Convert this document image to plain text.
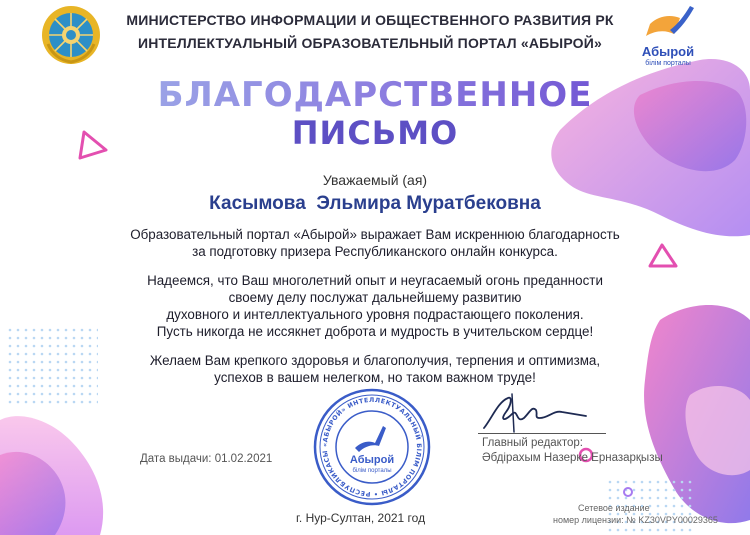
БЛАГОДАРСТВЕННОЕ
ПИСЬМО
МИНИСТЕРСТВО ИНФОРМАЦИИ И ОБЩЕСТВЕННОГО РАЗВИТИЯ РК
ИНТЕЛЛЕКТУАЛЬНЫЙ ОБРАЗОВАТЕЛЬНЫЙ ПОРТАЛ «АБЫРОЙ»
Абырой
білім порталы
Уважаемый (ая)
Касымова  Эльмира Муратбековна
Образовательный портал «Абырой» выражает Вам искреннюю благодарность
за подготовку призера Республиканского онлайн конкурса.
Надеемся, что Ваш многолетний опыт и неугасаемый огонь преданности
своему делу послужат дальнейшему развитию
духовного и интеллектуального уровня подрастающего поколения.
Пусть никогда не иссякнет доброта и мудрость в учительском сердце!
Желаем Вам крепкого здоровья и благополучия, терпения и оптимизма,
успехов в вашем нелегком, но таком важном труде!
«АБЫРОЙ» ИНТЕЛЛЕКТУАЛЬНЫЙ БІЛІМ ПОРТАЛЫ • РЕСПУБЛИКАСЫ
Абырой
білім порталы
Главный редактор:
Әбдірахым Назерке Ерназарқызы
Дата выдачи: 01.02.2021
г. Нур-Султан, 2021 год
Сетевое издание
номер лицензии: № KZ30VPY00029365
